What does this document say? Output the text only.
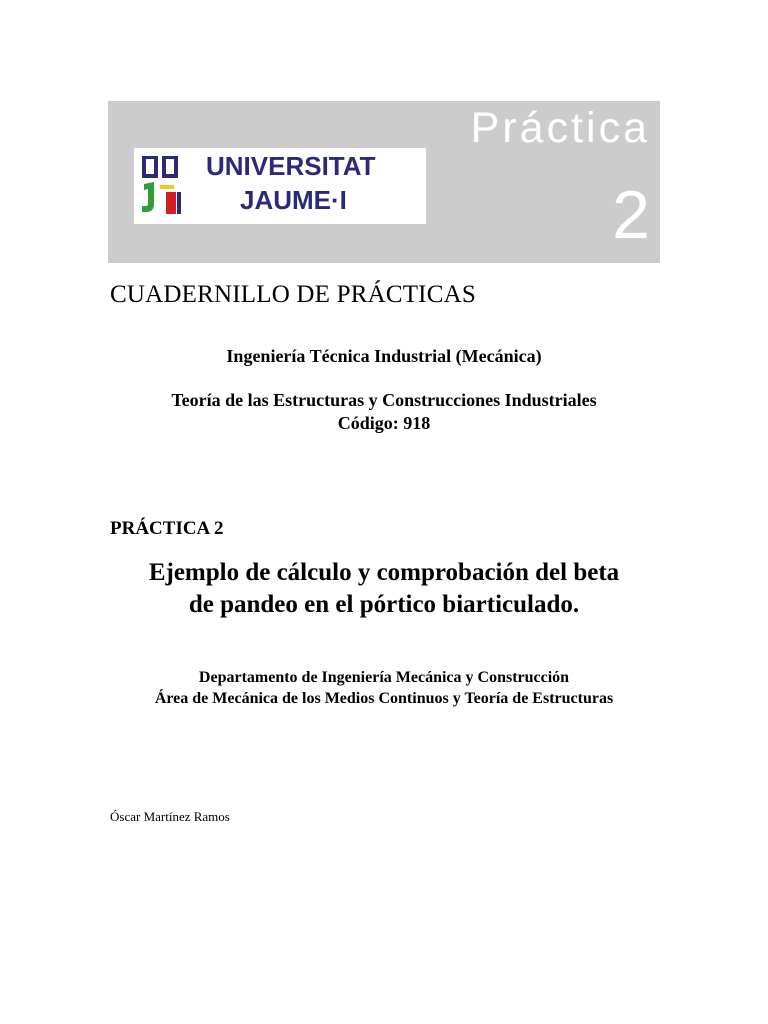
Práctica
2
UNIVERSITAT
JAUME·I
CUADERNILLO DE PRÁCTICAS
Ingeniería Técnica Industrial (Mecánica)
Teoría de las Estructuras y Construcciones Industriales
Código: 918
PRÁCTICA 2
Ejemplo de cálculo y comprobación del beta
de pandeo en el pórtico biarticulado.
Departamento de Ingeniería Mecánica y Construcción
Área de Mecánica de los Medios Continuos y Teoría de Estructuras
Óscar Martínez Ramos
